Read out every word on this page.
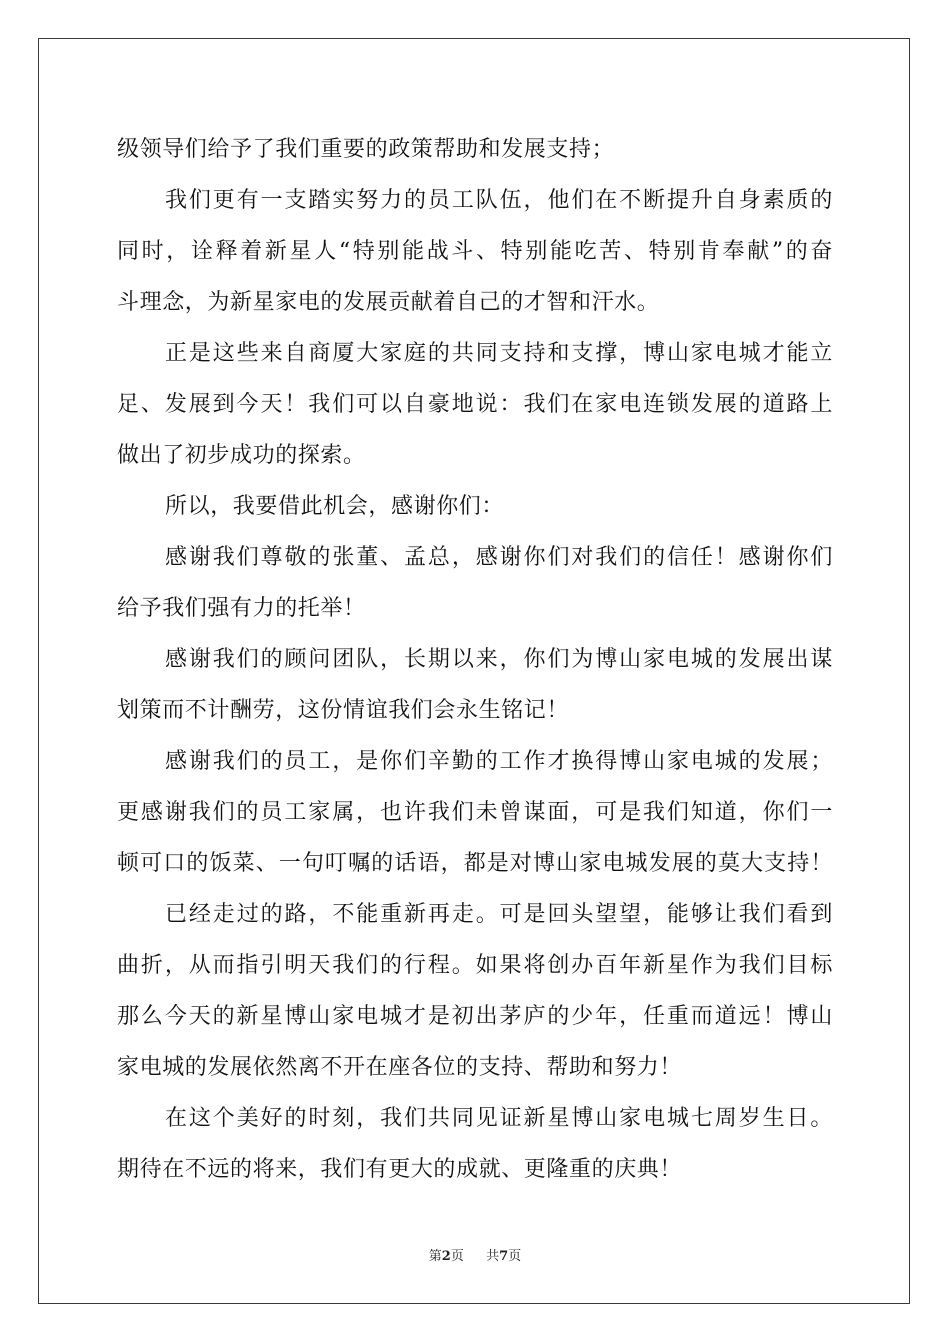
级领导们给予了我们重要的政策帮助和发展支持；
我们更有一支踏实努力的员工队伍，他们在不断提升自身素质的
同时，诠释着新星人“特别能战斗、特别能吃苦、特别肯奉献”的奋
斗理念，为新星家电的发展贡献着自己的才智和汗水。
正是这些来自商厦大家庭的共同支持和支撑，博山家电城才能立
足、发展到今天！我们可以自豪地说：我们在家电连锁发展的道路上
做出了初步成功的探索。
所以，我要借此机会，感谢你们：
感谢我们尊敬的张董、孟总，感谢你们对我们的信任！感谢你们
给予我们强有力的托举！
感谢我们的顾问团队，长期以来，你们为博山家电城的发展出谋
划策而不计酬劳，这份情谊我们会永生铭记！
感谢我们的员工，是你们辛勤的工作才换得博山家电城的发展；
更感谢我们的员工家属，也许我们未曾谋面，可是我们知道，你们一
顿可口的饭菜、一句叮嘱的话语，都是对博山家电城发展的莫大支持！
已经走过的路，不能重新再走。可是回头望望，能够让我们看到
曲折，从而指引明天我们的行程。如果将创办百年新星作为我们目标
那么今天的新星博山家电城才是初出茅庐的少年，任重而道远！博山
家电城的发展依然离不开在座各位的支持、帮助和努力！
在这个美好的时刻，我们共同见证新星博山家电城七周岁生日。
期待在不远的将来，我们有更大的成就、更隆重的庆典！
第2页 共7页
